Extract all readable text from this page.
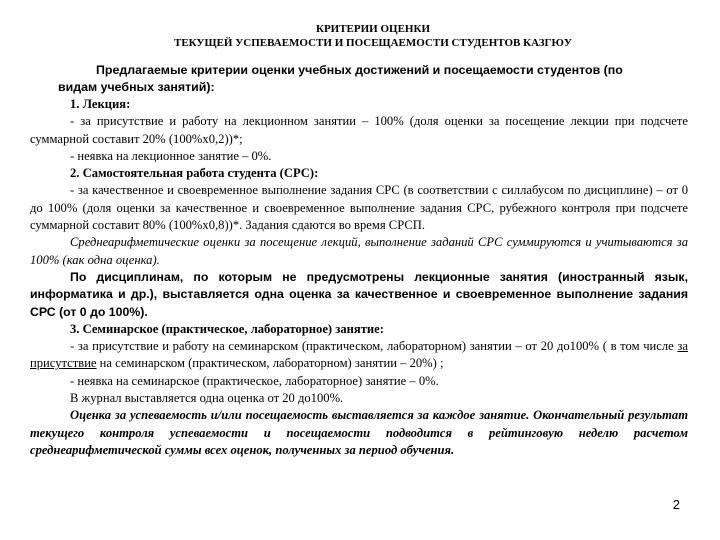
КРИТЕРИИ ОЦЕНКИ
ТЕКУЩЕЙ УСПЕВАЕМОСТИ И ПОСЕЩАЕМОСТИ СТУДЕНТОВ КАЗГЮУ
Предлагаемые критерии оценки учебных достижений и посещаемости студентов (по
видам учебных занятий):

1. Лекция:

- за присутствие и работу на лекционном занятии – 100% (доля оценки за посещение лекции при подсчете суммарной составит 20% (100%х0,2))*;

- неявка на лекционное занятие – 0%.

2. Самостоятельная работа студента (СРС):

- за качественное и своевременное выполнение задания СРС (в соответствии с силлабусом по дисциплине) – от 0 до 100% (доля оценки за качественное и своевременное выполнение задания СРС, рубежного контроля при подсчете суммарной составит 80% (100%х0,8))*. Задания сдаются во время СРСП.

Среднеарифметические оценки за посещение лекций, выполнение заданий СРС суммируются и учитываются за 100% (как одна оценка).

По дисциплинам, по которым не предусмотрены лекционные занятия (иностранный язык, информатика и др.), выставляется одна оценка за качественное и своевременное выполнение задания СРС (от 0 до 100%).

3. Семинарское (практическое, лабораторное) занятие:

- за присутствие и работу на семинарском (практическом, лабораторном) занятии – от 20 до100% ( в том числе за присутствие на семинарском (практическом, лабораторном) занятии – 20%) ;

- неявка на семинарское (практическое, лабораторное) занятие – 0%.

В журнал выставляется одна оценка от 20 до100%.

Оценка за успеваемость и/или посещаемость выставляется за каждое занятие. Окончательный результат текущего контроля успеваемости и посещаемости подводится в рейтинговую неделю расчетом среднеарифметической суммы всех оценок, полученных за период обучения.

2
